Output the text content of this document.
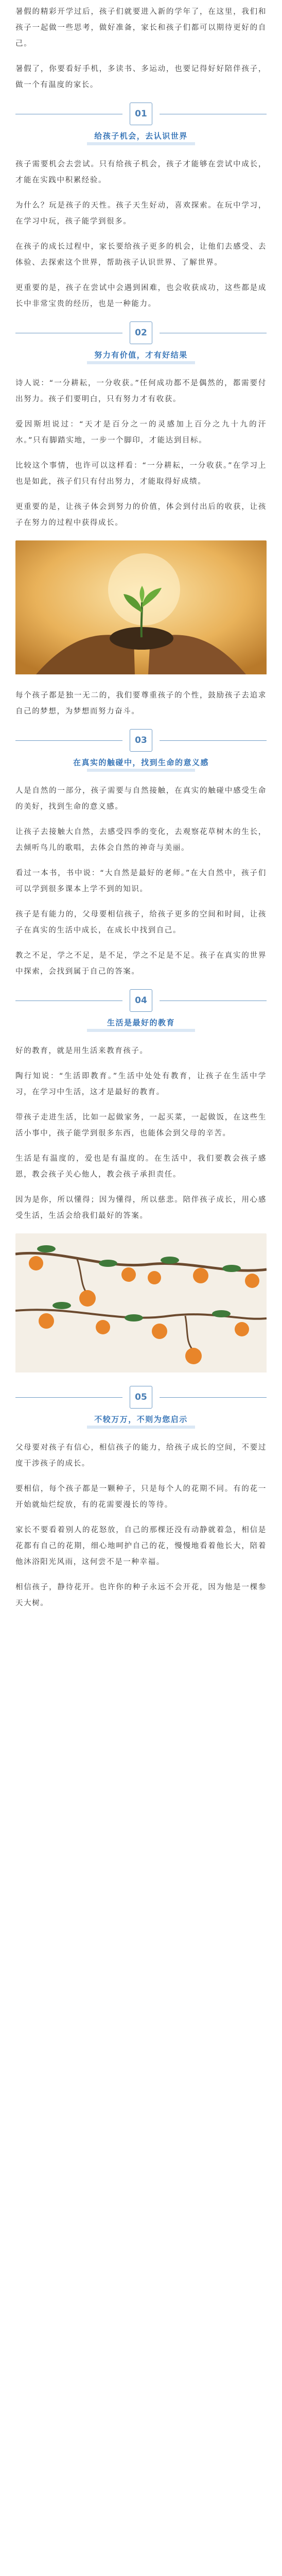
暑假的精彩开学过后，孩子们就要进入新的学年了，在这里，我们和孩子一起做一些思考，做好准备，家长和孩子们都可以期待更好的自己。

暑假了，你要看好手机，多读书、多运动，也要记得好好陪伴孩子，做一个有温度的家长。

01
给孩子机会，去认识世界

孩子需要机会去尝试。只有给孩子机会，孩子才能够在尝试中成长，才能在实践中积累经验。

为什么？玩是孩子的天性。孩子天生好动，喜欢探索。在玩中学习，在学习中玩，孩子能学到很多。

在孩子的成长过程中，家长要给孩子更多的机会，让他们去感受、去体验、去探索这个世界，帮助孩子认识世界、了解世界。

更重要的是，孩子在尝试中会遇到困难，也会收获成功，这些都是成长中非常宝贵的经历，也是一种能力。

02
努力有价值，才有好结果

诗人说：“一分耕耘，一分收获。”任何成功都不是偶然的，都需要付出努力。孩子们要明白，只有努力才有收获。

爱因斯坦说过：“天才是百分之一的灵感加上百分之九十九的汗水。”只有脚踏实地，一步一个脚印，才能达到目标。

比较这个事情，也许可以这样看：“一分耕耘，一分收获。”在学习上也是如此，孩子们只有付出努力，才能取得好成绩。

更重要的是，让孩子体会到努力的价值，体会到付出后的收获，让孩子在努力的过程中获得成长。

每个孩子都是独一无二的，我们要尊重孩子的个性，鼓励孩子去追求自己的梦想，为梦想而努力奋斗。

03
在真实的触碰中，找到生命的意义感

人是自然的一部分，孩子需要与自然接触，在真实的触碰中感受生命的美好，找到生命的意义感。

让孩子去接触大自然，去感受四季的变化，去观察花草树木的生长，去倾听鸟儿的歌唱，去体会自然的神奇与美丽。

看过一本书，书中说：“大自然是最好的老师。”在大自然中，孩子们可以学到很多课本上学不到的知识。

孩子是有能力的，父母要相信孩子，给孩子更多的空间和时间，让孩子在真实的生活中成长，在成长中找到自己。

教之不足，学之不足，是不足，学之不足是不足。孩子在真实的世界中探索，会找到属于自己的答案。

04
生活是最好的教育

好的教育，就是用生活来教育孩子。

陶行知说：“生活即教育。”生活中处处有教育，让孩子在生活中学习，在学习中生活，这才是最好的教育。

带孩子走进生活，比如一起做家务，一起买菜，一起做饭，在这些生活小事中，孩子能学到很多东西，也能体会到父母的辛苦。

生活是有温度的，爱也是有温度的。在生活中，我们要教会孩子感恩，教会孩子关心他人，教会孩子承担责任。

因为是你，所以懂得；因为懂得，所以慈悲。陪伴孩子成长，用心感受生活，生活会给我们最好的答案。

05
不较万万，不则为您启示

父母要对孩子有信心，相信孩子的能力，给孩子成长的空间，不要过度干涉孩子的成长。

要相信，每个孩子都是一颗种子，只是每个人的花期不同。有的花一开始就灿烂绽放，有的花需要漫长的等待。

家长不要看着别人的花怒放，自己的那棵还没有动静就着急，相信是花都有自己的花期，细心地呵护自己的花，慢慢地看着他长大，陪着他沐浴阳光风雨，这何尝不是一种幸福。

相信孩子，静待花开。也许你的种子永远不会开花，因为他是一棵参天大树。
